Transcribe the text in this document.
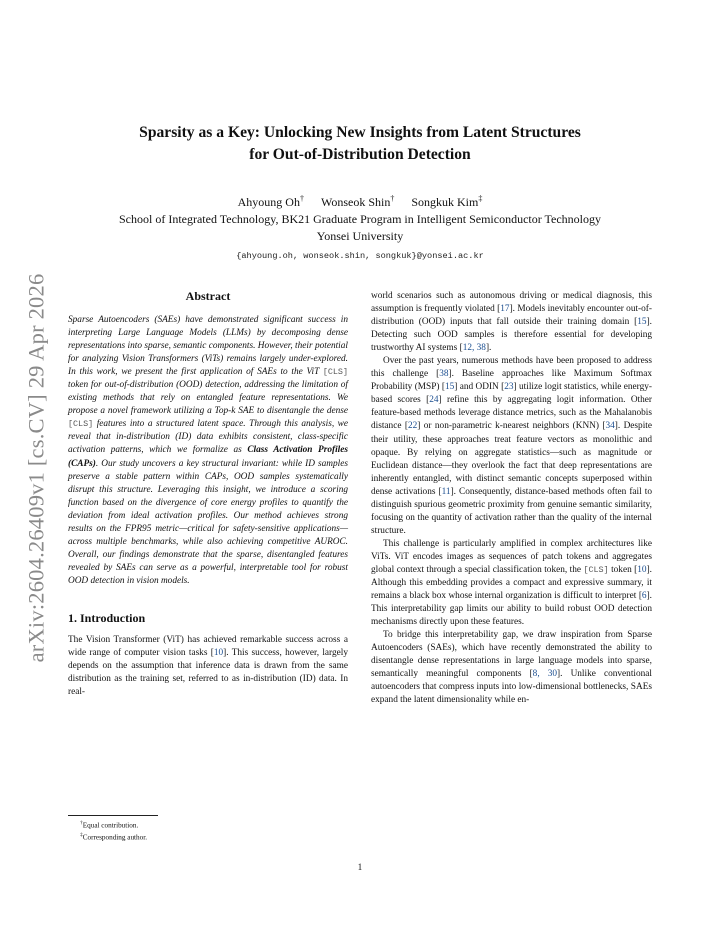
arXiv:2604.26409v1 [cs.CV] 29 Apr 2026
Sparsity as a Key: Unlocking New Insights from Latent Structures
for Out-of-Distribution Detection
Ahyoung Oh† Wonseok Shin† Songkuk Kim‡
School of Integrated Technology, BK21 Graduate Program in Intelligent Semiconductor Technology
Yonsei University
{ahyoung.oh, wonseok.shin, songkuk}@yonsei.ac.kr
Abstract

Sparse Autoencoders (SAEs) have demonstrated significant success in interpreting Large Language Models (LLMs) by decomposing dense representations into sparse, semantic components. However, their potential for analyzing Vision Transformers (ViTs) remains largely under-explored. In this work, we present the first application of SAEs to the ViT [CLS] token for out-of-distribution (OOD) detection, addressing the limitation of existing methods that rely on entangled feature representations. We propose a novel framework utilizing a Top-k SAE to disentangle the dense [CLS] features into a structured latent space. Through this analysis, we reveal that in-distribution (ID) data exhibits consistent, class-specific activation patterns, which we formalize as Class Activation Profiles (CAPs). Our study uncovers a key structural invariant: while ID samples preserve a stable pattern within CAPs, OOD samples systematically disrupt this structure. Leveraging this insight, we introduce a scoring function based on the divergence of core energy profiles to quantify the deviation from ideal activation profiles. Our method achieves strong results on the FPR95 metric—critical for safety-sensitive applications—across multiple benchmarks, while also achieving competitive AUROC. Overall, our findings demonstrate that the sparse, disentangled features revealed by SAEs can serve as a powerful, interpretable tool for robust OOD detection in vision models.

1. Introduction

The Vision Transformer (ViT) has achieved remarkable success across a wide range of computer vision tasks [10]. This success, however, largely depends on the assumption that inference data is drawn from the same distribution as the training set, referred to as in-distribution (ID) data. In real-

world scenarios such as autonomous driving or medical diagnosis, this assumption is frequently violated [17]. Models inevitably encounter out-of-distribution (OOD) inputs that fall outside their training domain [15]. Detecting such OOD samples is therefore essential for developing trustworthy AI systems [12, 38].

Over the past years, numerous methods have been proposed to address this challenge [38]. Baseline approaches like Maximum Softmax Probability (MSP) [15] and ODIN [23] utilize logit statistics, while energy-based scores [24] refine this by aggregating logit information. Other feature-based methods leverage distance metrics, such as the Mahalanobis distance [22] or non-parametric k-nearest neighbors (KNN) [34]. Despite their utility, these approaches treat feature vectors as monolithic and opaque. By relying on aggregate statistics—such as magnitude or Euclidean distance—they overlook the fact that deep representations are inherently entangled, with distinct semantic concepts superposed within dense activations [11]. Consequently, distance-based methods often fail to distinguish spurious geometric proximity from genuine semantic similarity, focusing on the quantity of activation rather than the quality of the internal structure.

This challenge is particularly amplified in complex architectures like ViTs. ViT encodes images as sequences of patch tokens and aggregates global context through a special classification token, the [CLS] token [10]. Although this embedding provides a compact and expressive summary, it remains a black box whose internal organization is difficult to interpret [6]. This interpretability gap limits our ability to build robust OOD detection mechanisms directly upon these features.

To bridge this interpretability gap, we draw inspiration from Sparse Autoencoders (SAEs), which have recently demonstrated the ability to disentangle dense representations in large language models into sparse, semantically meaningful components [8, 30]. Unlike conventional autoencoders that compress inputs into low-dimensional bottlenecks, SAEs expand the latent dimensionality while en-

†Equal contribution.
‡Corresponding author.
1
